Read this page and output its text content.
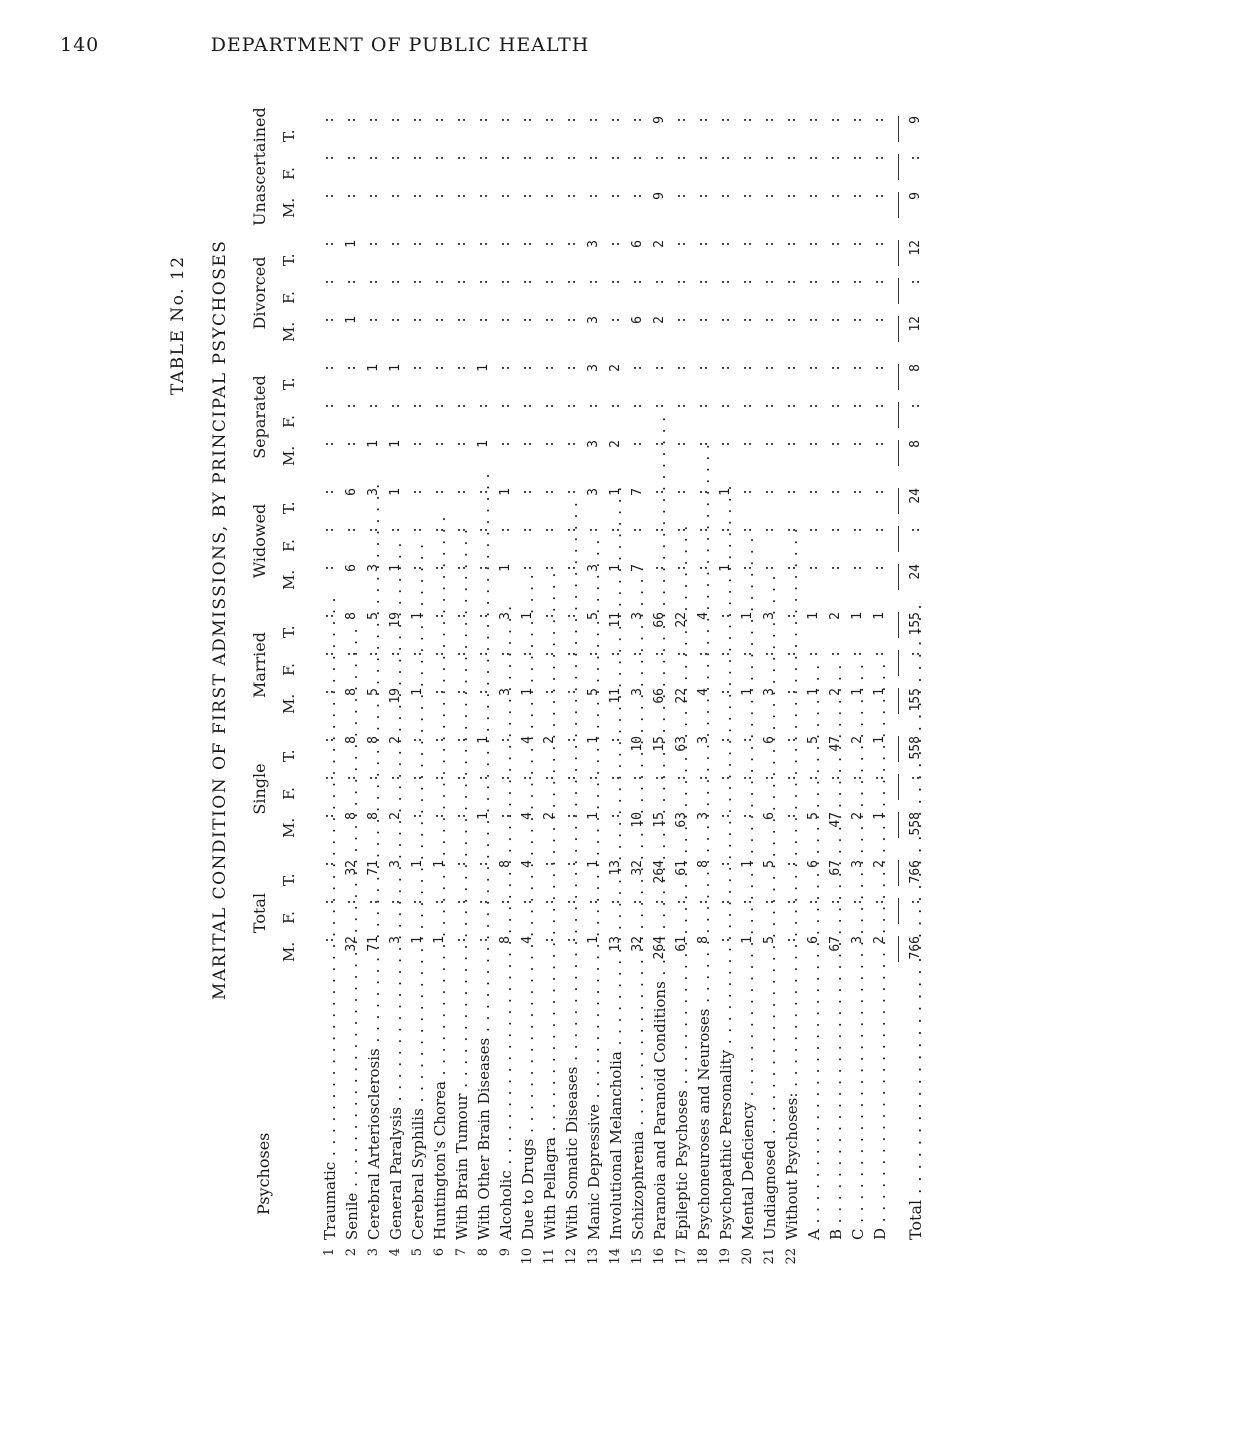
140	DEPARTMENT OF PUBLIC HEALTH
TABLE No. 12 MARITAL CONDITION OF FIRST ADMISSIONS, BY PRINCIPAL PSYCHOSES
Psychoses
Total
M.
F.
T.
Single
M.
F.
T.
Married
M.
F.
T.
Widowed
M.
F.
T.
Separated M.
F.
T.
Divorced
M.
F.
T.
Unascertained M.
F.
T.
1
Traumatic . . .
:
:
:
:
:
:
:
:
:
:
:
:
:
:
:
:
:
:
:
:
:
2
Senile . . .
32
:
32
8
:
8
8
:
8
6
:
6
:
:
:
1
:
1
:
:
:
3
Cerebral Arteriosclerosis . . .
71
:
71
8
:
8
5
:
5
3
:
3
1
:
1
:
:
:
:
:
:
4
General Paralysis . . .
3
:
3
2
:
2
19
:
19
1
:
1
1
:
1
:
:
:
:
:
:
5
Cerebral Syphilis . . .
1
:
1
:
:
:
1
:
1
:
:
:
:
:
:
:
:
:
:
:
:
6
Huntington's Chorea . . .
1
:
1
:
:
:
:
:
:
:
:
:
:
:
:
:
:
:
:
:
:
7
With Brain Tumour . . .
:
:
:
:
:
:
:
:
:
:
:
:
:
:
:
:
:
:
:
:
:
8
With Other Brain Diseases . . .
:
:
:
1
:
1
:
:
:
:
:
:
1
:
1
:
:
:
:
:
:
9
Alcoholic . . .
8
:
8
:
:
:
3
:
3
1
:
1
:
:
:
:
:
:
:
:
:
10
Due to Drugs . . .
4
:
4
4
:
4
1
:
1
:
:
:
:
:
:
:
:
:
:
:
:
11
With Pellagra . . .
:
:
:
2
:
2
:
:
:
:
:
:
:
:
:
:
:
:
:
:
:
12
With Somatic Diseases . . .
:
:
:
:
:
:
:
:
:
:
:
:
:
:
:
:
:
:
:
:
:
13
Manic Depressive . . .
1
:
1
1
:
1
5
:
5
3
:
3
3
:
3
3
:
3
:
:
:
14
Involutional Melancholia . . .
13
:
13
:
:
:
11
:
11
1
:
1
2
:
2
:
:
:
:
:
:
15
Schizophrenia . . .
32
:
32
10
:
10
3
:
3
7
:
7
:
:
:
6
:
6
:
:
:
16
Paranoia and Paranoid Conditions . . .
264
:
264
15
:
15
66
:
66
:
:
:
:
:
:
2
:
2
9
:
9
17
Epileptic Psychoses . . .
61
:
61
63
:
63
22
:
22
:
:
:
:
:
:
:
:
:
:
:
:
18
Psychoneuroses and Neuroses . . .
8
:
8
3
:
3
4
:
4
:
:
:
:
:
:
:
:
:
:
:
:
19
Psychopathic Personality . . .
:
:
:
:
:
:
:
:
:
1
:
1
:
:
:
:
:
:
:
:
:
20
Mental Deficiency . . .
1
:
1
:
:
:
1
:
1
:
:
:
:
:
:
:
:
:
:
:
:
21
Undiagnosed . . .
5
:
5
6
:
6
3
:
3
:
:
:
:
:
:
:
:
:
:
:
:
22
Without Psychoses: . . .
:
:
:
:
:
:
:
:
:
:
:
:
:
:
:
:
:
:
:
:
: A . . .
6
:
6
5
:
5
1
:
1
:
:
:
:
:
:
:
:
:
:
:
:
B . . .
67
:
67
47
:
47
2
:
2
:
:
:
:
:
:
:
:
:
:
:
:
C . . .
3
:
3
2
:
2
1
:
1
:
:
:
:
:
:
:
:
:
:
:
:
D . . .
2
:
2
1
:
1
1
:
1
:
:
:
:
:
:
:
:
:
:
:
:
Total . . .
766
:
766
558
:
558
155
:
155
24
:
24
8
:
8
12
:
12
9
:
9
